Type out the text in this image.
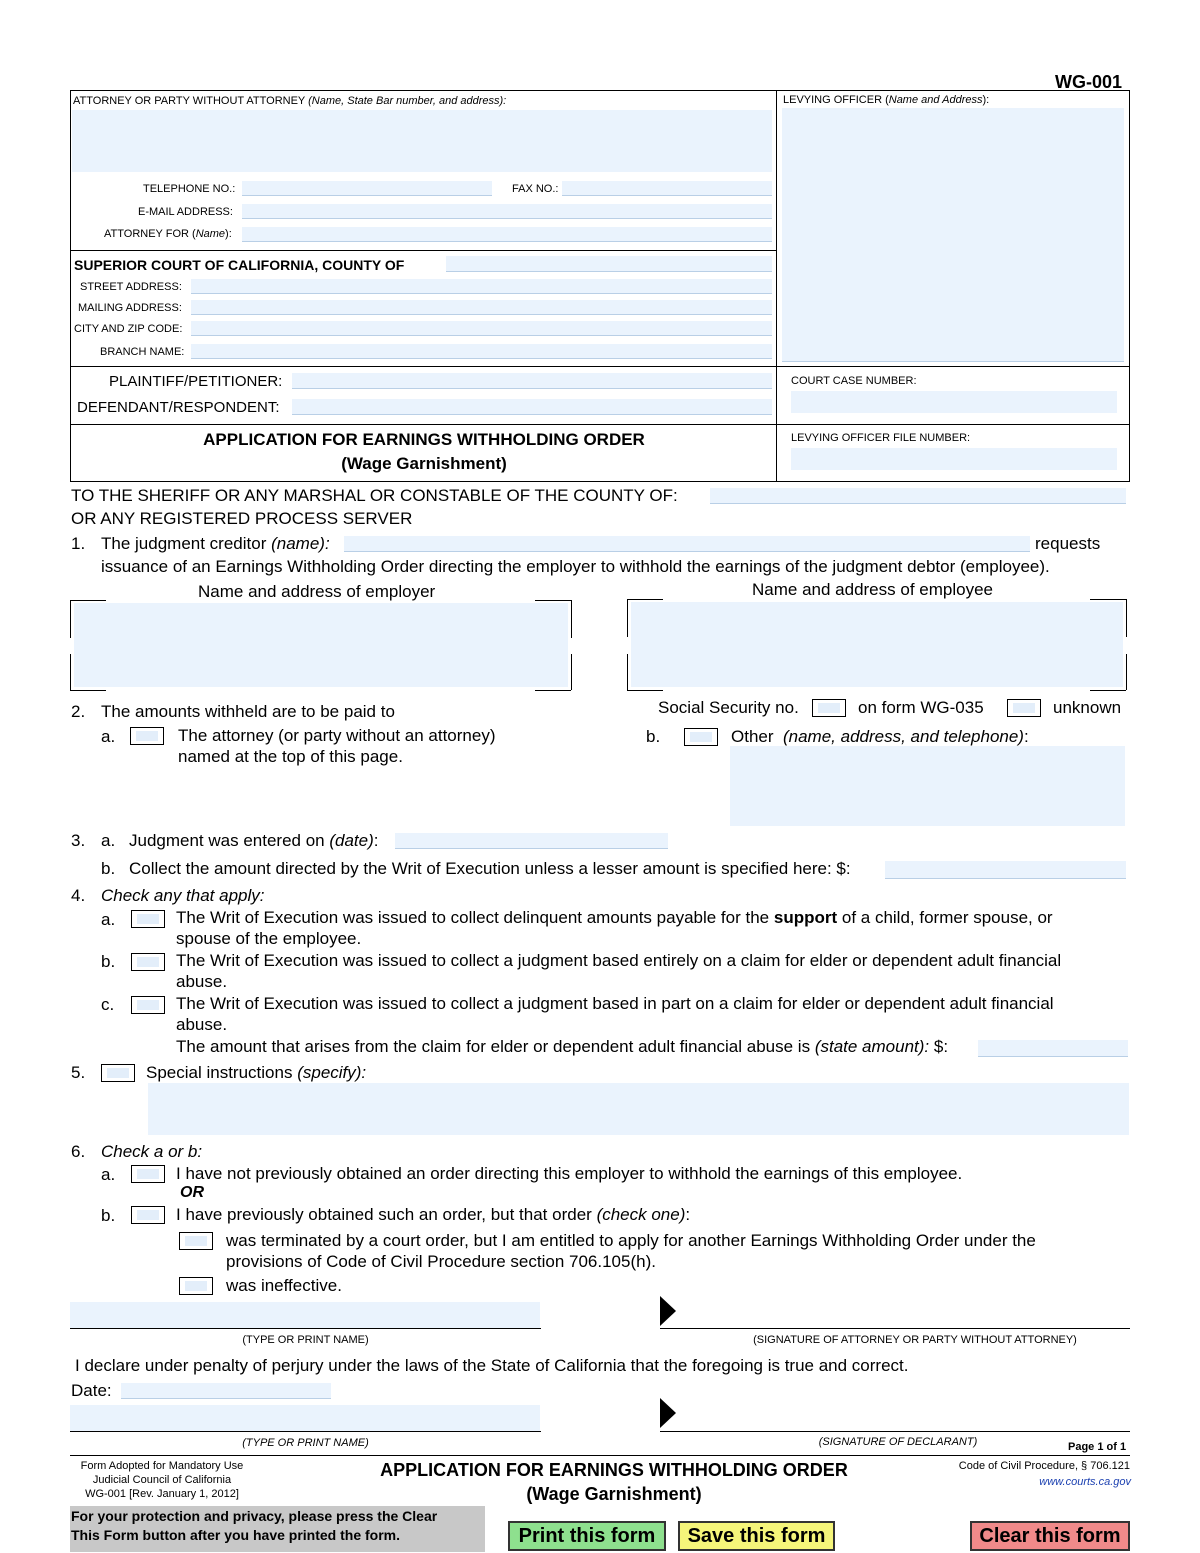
WG-001
ATTORNEY OR PARTY WITHOUT ATTORNEY (Name, State Bar number, and address):
TELEPHONE NO.:	FAX NO.:
E-MAIL ADDRESS:
ATTORNEY FOR (Name):
LEVYING OFFICER (Name and Address):
SUPERIOR COURT OF CALIFORNIA, COUNTY OF
STREET ADDRESS:
MAILING ADDRESS:
CITY AND ZIP CODE:
BRANCH NAME:
PLAINTIFF/PETITIONER:
DEFENDANT/RESPONDENT:
COURT CASE NUMBER:
APPLICATION FOR EARNINGS WITHHOLDING ORDER
(Wage Garnishment)
LEVYING OFFICER FILE NUMBER:
TO THE SHERIFF OR ANY MARSHAL OR CONSTABLE OF THE COUNTY OF:
OR ANY REGISTERED PROCESS SERVER
1. The judgment creditor (name):	requests
issuance of an Earnings Withholding Order directing the employer to withhold the earnings of the judgment debtor (employee).
Name and address of employer	Name and address of employee
Social Security no.	on form WG-035	unknown
2. The amounts withheld are to be paid to
a.	The attorney (or party without an attorney)
named at the top of this page.
b.	Other (name, address, and telephone):
3. a. Judgment was entered on (date):
b. Collect the amount directed by the Writ of Execution unless a lesser amount is specified here: $:
4. Check any that apply:
a.	The Writ of Execution was issued to collect delinquent amounts payable for the support of a child, former spouse, or
spouse of the employee.
b.	The Writ of Execution was issued to collect a judgment based entirely on a claim for elder or dependent adult financial
abuse.
c.	The Writ of Execution was issued to collect a judgment based in part on a claim for elder or dependent adult financial
abuse.
The amount that arises from the claim for elder or dependent adult financial abuse is (state amount): $:
5.	Special instructions (specify):
6. Check a or b:
a.	I have not previously obtained an order directing this employer to withhold the earnings of this employee.
OR
b.	I have previously obtained such an order, but that order (check one):
was terminated by a court order, but I am entitled to apply for another Earnings Withholding Order under the
provisions of Code of Civil Procedure section 706.105(h).
was ineffective.
(TYPE OR PRINT NAME)	(SIGNATURE OF ATTORNEY OR PARTY WITHOUT ATTORNEY)
I declare under penalty of perjury under the laws of the State of California that the foregoing is true and correct.
Date:
(TYPE OR PRINT NAME)	(SIGNATURE OF DECLARANT)	Page 1 of 1
Form Adopted for Mandatory Use
Judicial Council of California
WG-001 [Rev. January 1, 2012]
APPLICATION FOR EARNINGS WITHHOLDING ORDER
(Wage Garnishment)
Code of Civil Procedure, § 706.121
www.courts.ca.gov
For your protection and privacy, please press the Clear
This Form button after you have printed the form.	Print this form	Save this form	Clear this form
